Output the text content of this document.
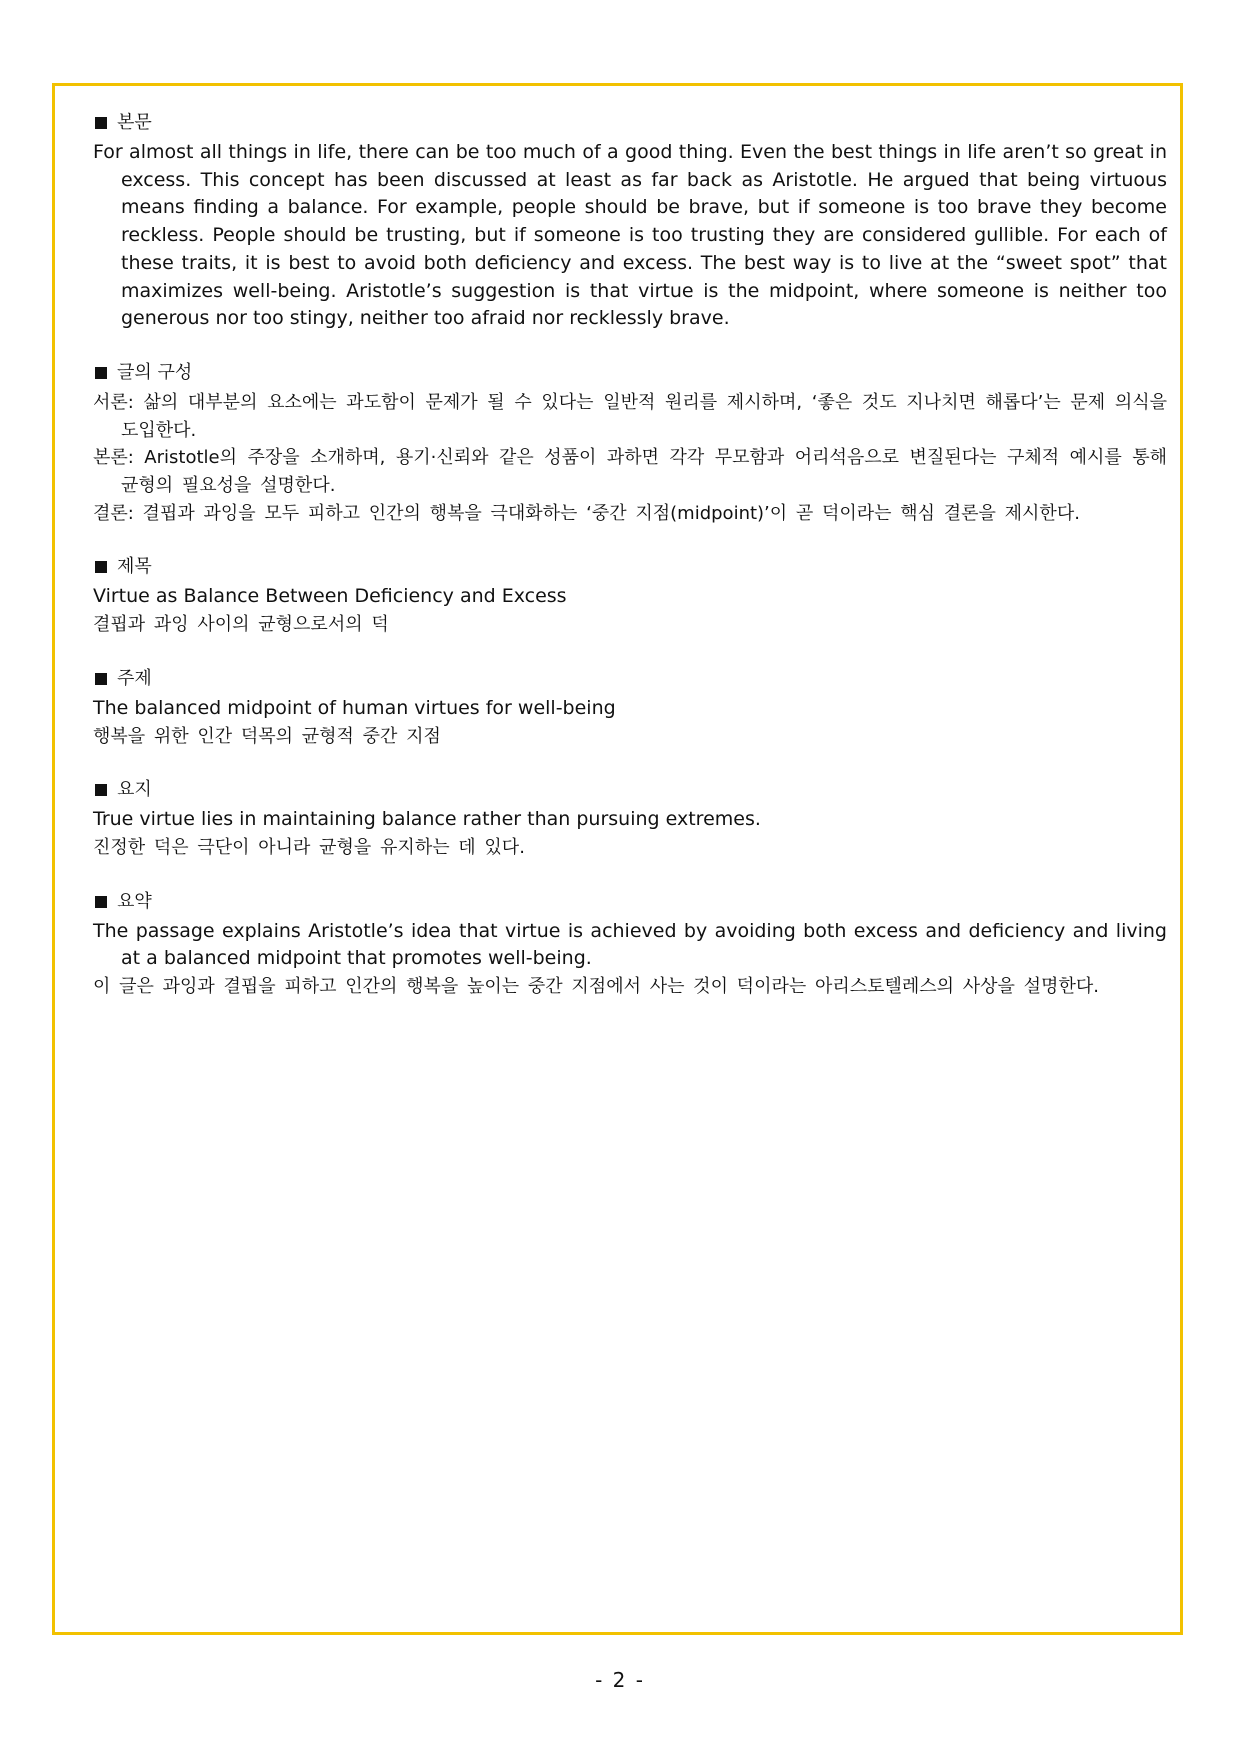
본문

For almost all things in life, there can be too much of a good thing. Even the best things in life aren’t so great in excess. This concept has been discussed at least as far back as Aristotle. He argued that being virtuous means finding a balance. For example, people should be brave, but if someone is too brave they become reckless. People should be trusting, but if someone is too trusting they are considered gullible. For each of these traits, it is best to avoid both deficiency and excess. The best way is to live at the “sweet spot” that maximizes well-being. Aristotle’s suggestion is that virtue is the midpoint, where someone is neither too generous nor too stingy, neither too afraid nor recklessly brave.

글의 구성

서론: 삶의 대부분의 요소에는 과도함이 문제가 될 수 있다는 일반적 원리를 제시하며, ‘좋은 것도 지나치면 해롭다’는 문제 의식을 도입한다.

본론: Aristotle의 주장을 소개하며, 용기·신뢰와 같은 성품이 과하면 각각 무모함과 어리석음으로 변질된다는 구체적 예시를 통해 균형의 필요성을 설명한다.

결론: 결핍과 과잉을 모두 피하고 인간의 행복을 극대화하는 ‘중간 지점(midpoint)’이 곧 덕이라는 핵심 결론을 제시한다.

제목

Virtue as Balance Between Deficiency and Excess

결핍과 과잉 사이의 균형으로서의 덕

주제

The balanced midpoint of human virtues for well-being

행복을 위한 인간 덕목의 균형적 중간 지점

요지

True virtue lies in maintaining balance rather than pursuing extremes.

진정한 덕은 극단이 아니라 균형을 유지하는 데 있다.

요약

The passage explains Aristotle’s idea that virtue is achieved by avoiding both excess and deficiency and living at a balanced midpoint that promotes well-being.

이 글은 과잉과 결핍을 피하고 인간의 행복을 높이는 중간 지점에서 사는 것이 덕이라는 아리스토텔레스의 사상을 설명한다.

- 2 -
